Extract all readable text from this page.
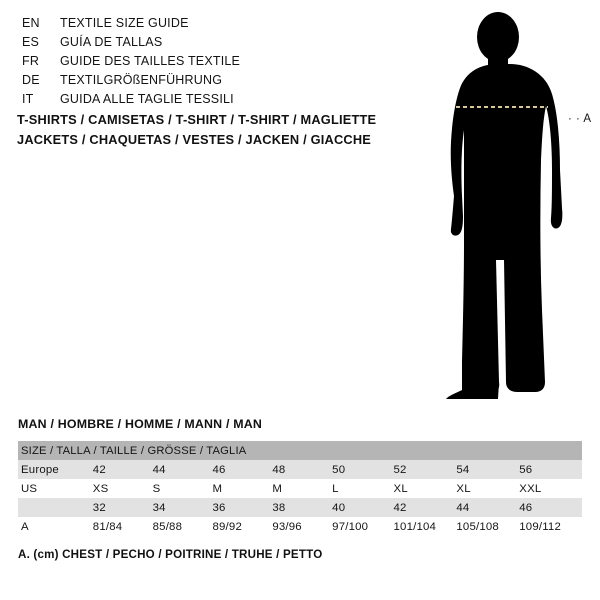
EN	TEXTILE SIZE GUIDE
ES	GUÍA DE TALLAS
FR	GUIDE DES TAILLES TEXTILE
DE	TEXTILGRÖßENFÜHRUNG
IT	GUIDA ALLE TAGLIE TESSILI
T-SHIRTS / CAMISETAS / T-SHIRT / T-SHIRT / MAGLIETTE
JACKETS / CHAQUETAS / VESTES / JACKEN / GIACCHE
· · A
MAN / HOMBRE / HOMME / MANN / MAN
SIZE / TALLA / TAILLE / GRÖSSE / TAGLIA								
Europe	42	44	46	48	50	52	54	56
US	XS	S	M	M	L	XL	XL	XXL
	32	34	36	38	40	42	44	46
A	81/84	85/88	89/92	93/96	97/100	101/104	105/108	109/112
A. (cm) CHEST / PECHO / POITRINE / TRUHE / PETTO
